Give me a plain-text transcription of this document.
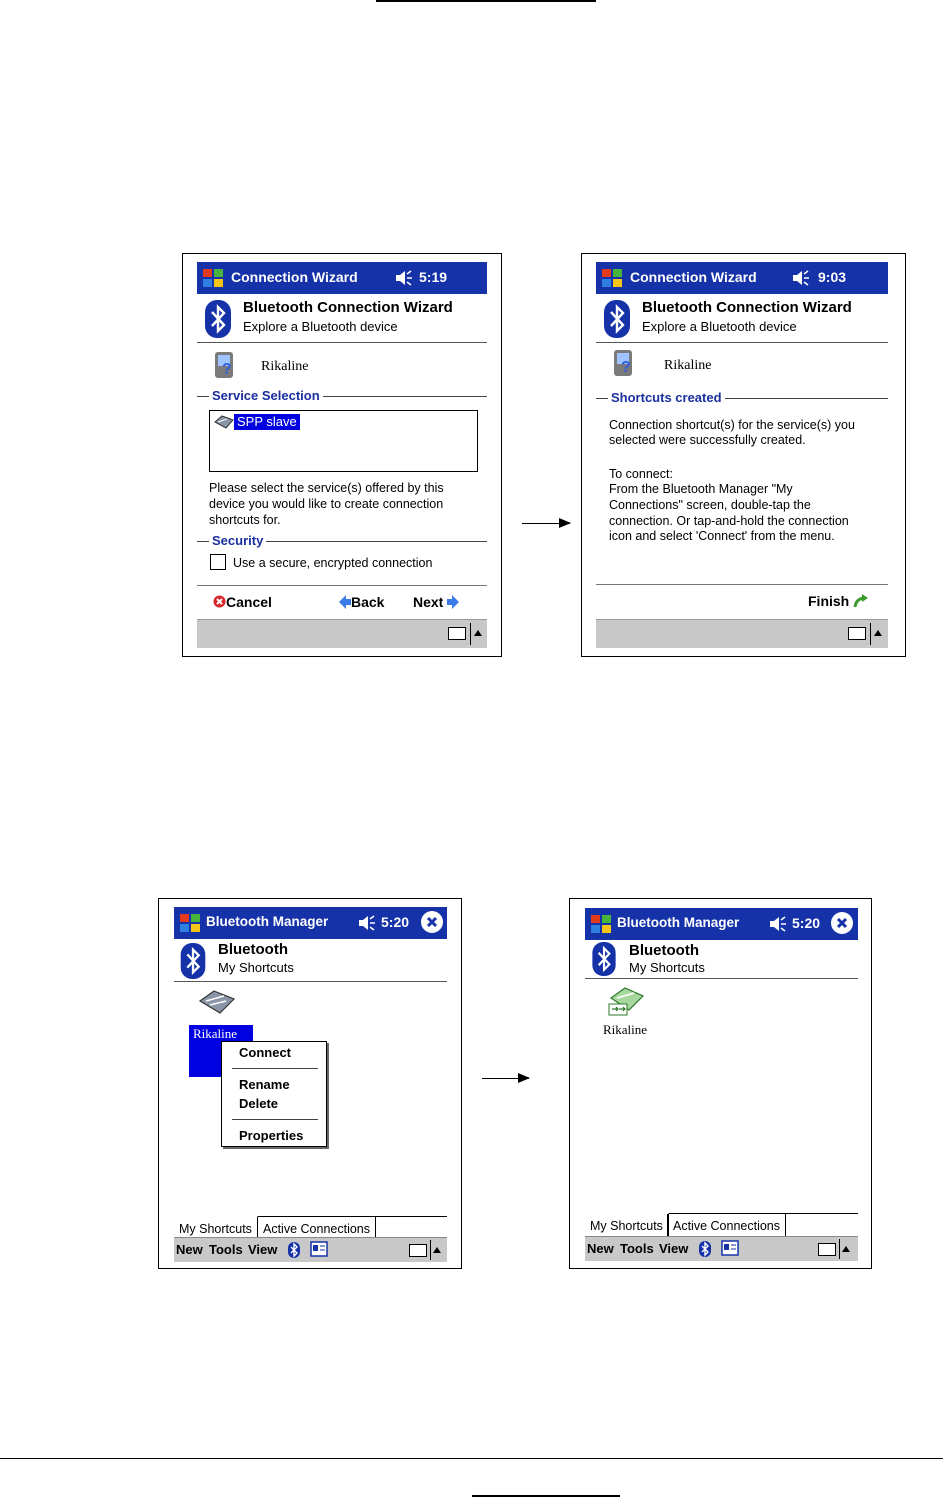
Connection Wizard	5:19
Bluetooth Connection Wizard
Explore a Bluetooth device
? Rikaline
Service Selection
SPP slave
Please select the service(s) offered by this
device you would like to create connection
shortcuts for.
Security
Use a secure, encrypted connection
Cancel	Back Next
Connection Wizard	9:03
Bluetooth Connection Wizard
Explore a Bluetooth device
? Rikaline
Shortcuts created
Connection shortcut(s) for the service(s) you
selected were successfully created.
To connect:
From the Bluetooth Manager "My
Connections" screen, double-tap the
connection. Or tap-and-hold the connection
icon and select 'Connect' from the menu.
Finish
Bluetooth Manager	5:20
Bluetooth
My Shortcuts
Rikaline
Connect
Rename
Delete
Properties
My Shortcuts Active Connections
New Tools View
Bluetooth Manager	5:20
Bluetooth
My Shortcuts
Rikaline
My Shortcuts Active Connections
New Tools View
